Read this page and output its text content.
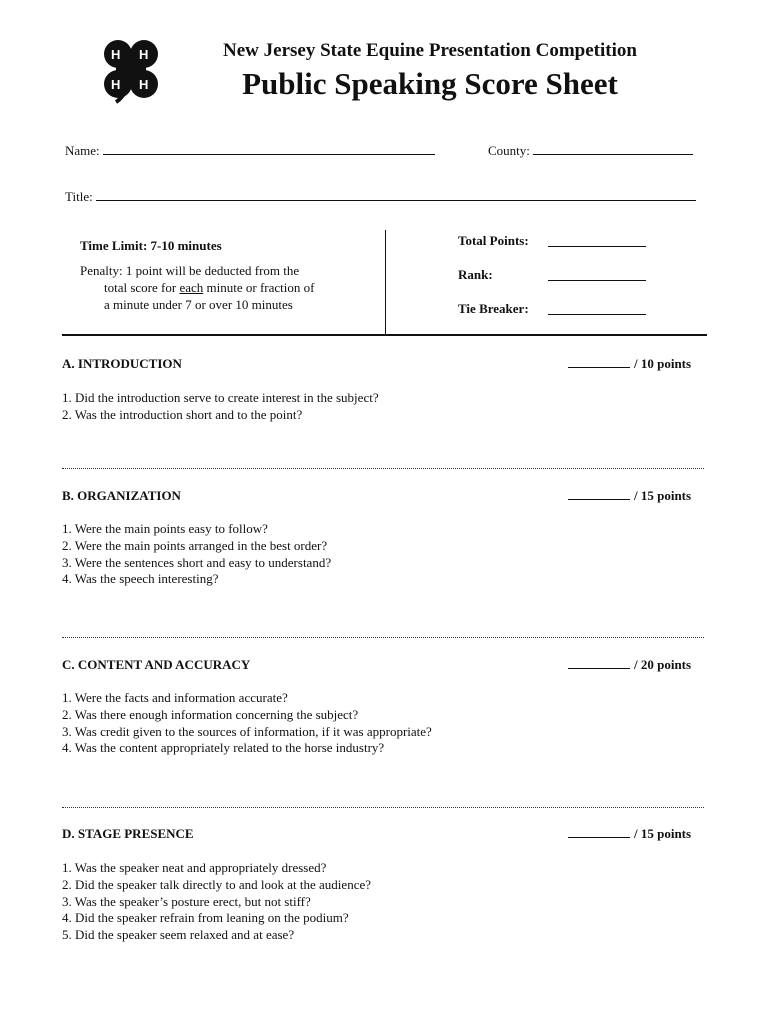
H H
H H
New Jersey State Equine Presentation Competition
Public Speaking Score Sheet
Name:	County:
Title:
Time Limit: 7-10 minutes
Penalty: 1 point will be deducted from the
total score for each minute or fraction of
a minute under 7 or over 10 minutes
Total Points:
Rank:
Tie Breaker:
A. INTRODUCTION	/ 10 points
1. Did the introduction serve to create interest in the subject?
2. Was the introduction short and to the point?
B. ORGANIZATION	/ 15 points
1. Were the main points easy to follow?
2. Were the main points arranged in the best order?
3. Were the sentences short and easy to understand?
4. Was the speech interesting?
C. CONTENT AND ACCURACY	/ 20 points
1. Were the facts and information accurate?
2. Was there enough information concerning the subject?
3. Was credit given to the sources of information, if it was appropriate?
4. Was the content appropriately related to the horse industry?
D. STAGE PRESENCE	/ 15 points
1. Was the speaker neat and appropriately dressed?
2. Did the speaker talk directly to and look at the audience?
3. Was the speaker’s posture erect, but not stiff?
4. Did the speaker refrain from leaning on the podium?
5. Did the speaker seem relaxed and at ease?
